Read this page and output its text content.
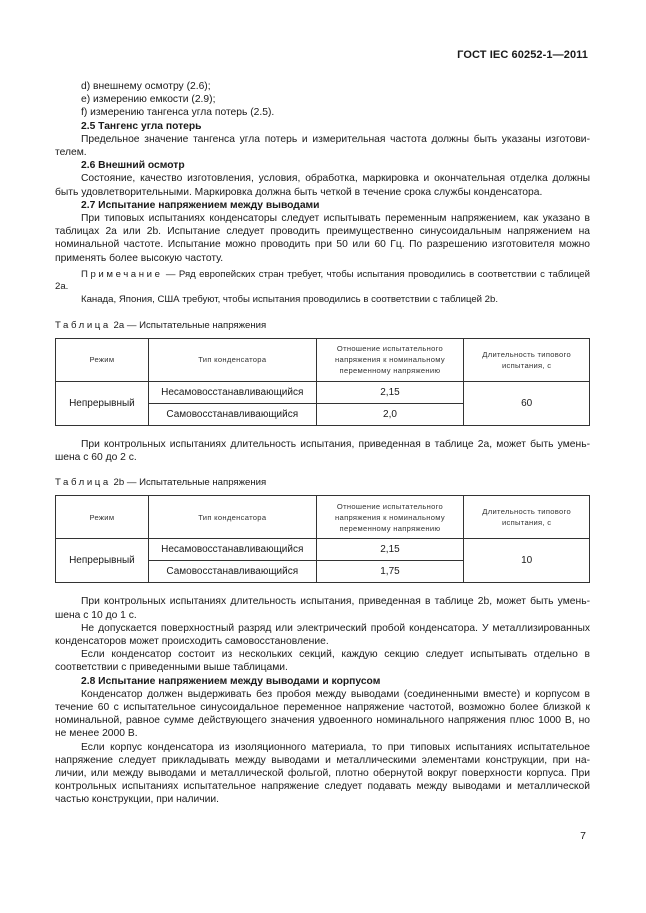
ГОСТ IEC 60252-1—2011

d) внешнему осмотру (2.6);

e) измерению емкости (2.9);

f) измерению тангенса угла потерь (2.5).

2.5 Тангенс угла потерь

Предельное значение тангенса угла потерь и измерительная частота должны быть указаны изготовителем.

2.6 Внешний осмотр

Состояние, качество изготовления, условия, обработка, маркировка и окончательная отделка должны быть удовлетворительными. Маркировка должна быть четкой в течение срока службы конденсатора.

2.7 Испытание напряжением между выводами

При типовых испытаниях конденсаторы следует испытывать переменным напряжением, как указано в таблицах 2a или 2b. Испытание следует проводить преимущественно синусоидальным напряжением на номинальной частоте. Испытание можно проводить при 50 или 60 Гц. По разрешению изготовителя можно применять более высокую частоту.

Примечание — Ряд европейских стран требует, чтобы испытания проводились в соответствии с таблицей 2a.

Канада, Япония, США требуют, чтобы испытания проводились в соответствии с таблицей 2b.

Таблица 2a — Испытательные напряжения
Режим	Тип конденсатора	Отношение испытательного напряжения к номинальному переменному напряжению	Длительность типового испытания, с
Непрерывный	Несамовосстанавливающийся	2,15	60
	Самовосстанавливающийся	2,0	

При контрольных испытаниях длительность испытания, приведенная в таблице 2a, может быть уменьшена с 60 до 2 с.

Таблица 2b — Испытательные напряжения
Режим	Тип конденсатора	Отношение испытательного напряжения к номинальному переменному напряжению	Длительность типового испытания, с
Непрерывный	Несамовосстанавливающийся	2,15	10
	Самовосстанавливающийся	1,75	

При контрольных испытаниях длительность испытания, приведенная в таблице 2b, может быть уменьшена с 10 до 1 с.

Не допускается поверхностный разряд или электрический пробой конденсатора. У металлизированных конденсаторов может происходить самовосстановление.

Если конденсатор состоит из нескольких секций, каждую секцию следует испытывать отдельно в соответствии с приведенными выше таблицами.

2.8 Испытание напряжением между выводами и корпусом

Конденсатор должен выдерживать без пробоя между выводами (соединенными вместе) и корпусом в течение 60 с испытательное синусоидальное переменное напряжение частотой, возможно более близкой к номинальной, равное сумме действующего значения удвоенного номинального напряжения плюс 1000 В, но не менее 2000 В.

Если корпус конденсатора из изоляционного материала, то при типовых испытаниях испытательное напряжение следует прикладывать между выводами и металлическими элементами конструкции, при наличии, или между выводами и металлической фольгой, плотно обернутой вокруг поверхности корпуса. При контрольных испытаниях испытательное напряжение следует подавать между выводами и металлической частью конструкции, при наличии.

7
